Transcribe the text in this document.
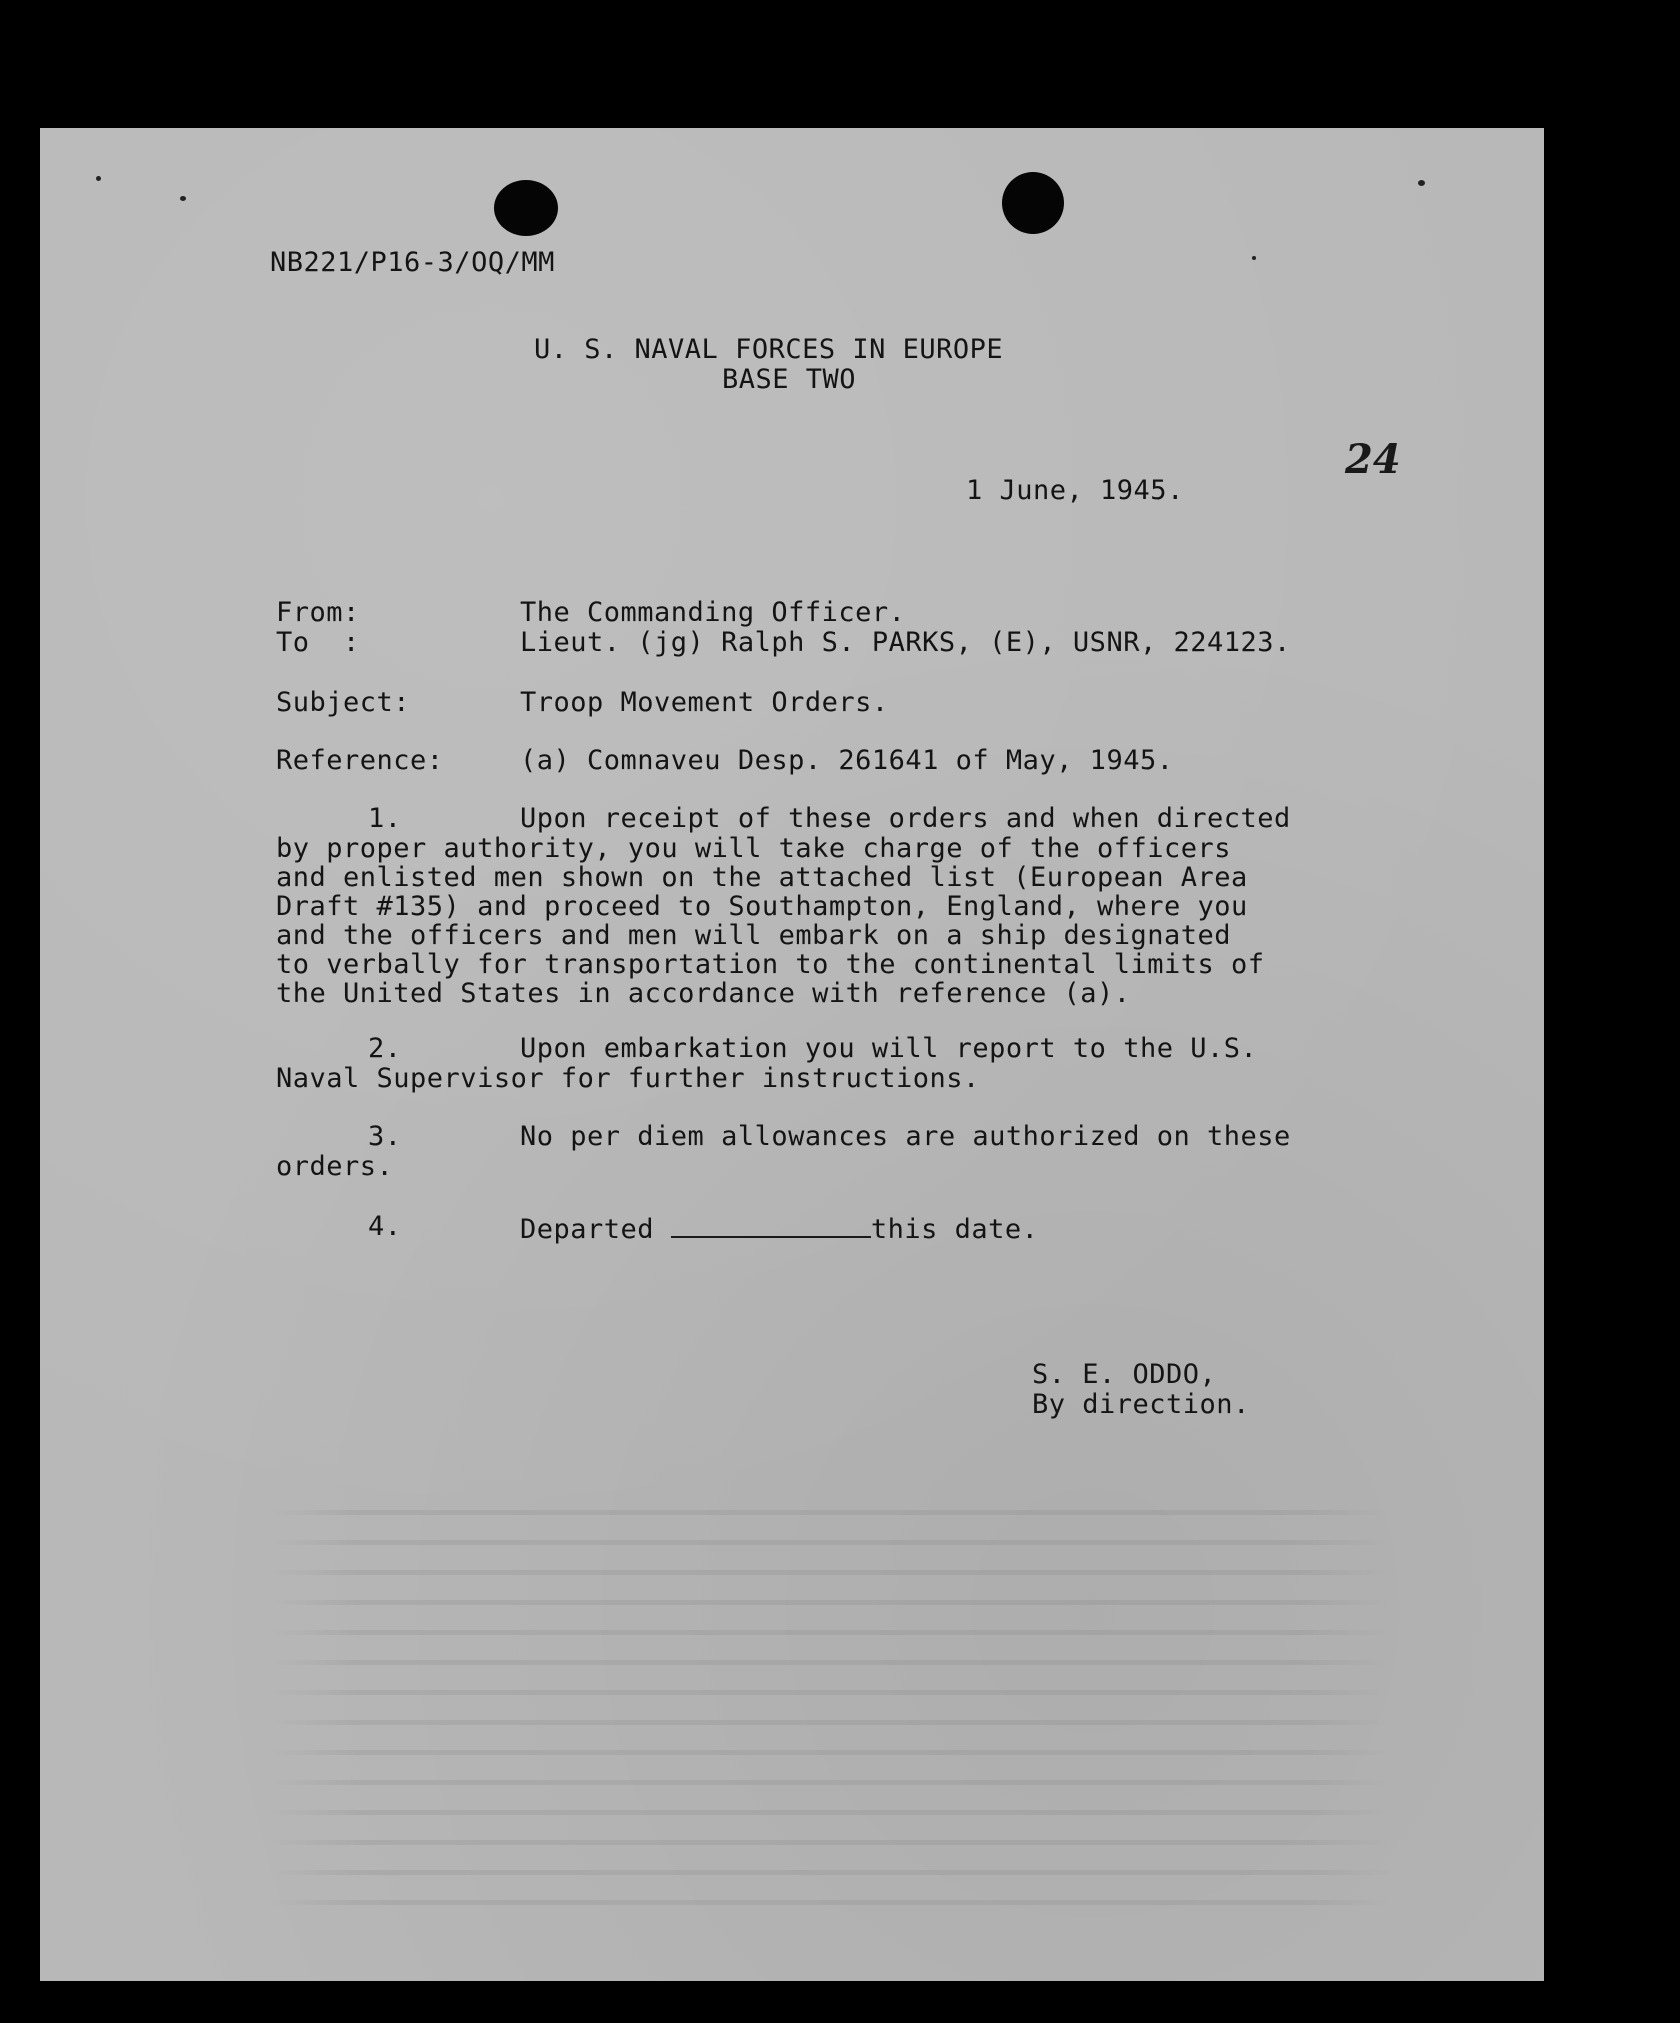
NB221/P16-3/OQ/MM
U. S. NAVAL FORCES IN EUROPE
BASE TWO
24
1 June, 1945.
From:	The Commanding Officer.
To  :	Lieut. (jg) Ralph S. PARKS, (E), USNR, 224123.
Subject:	Troop Movement Orders.
Reference:	(a) Comnaveu Desp. 261641 of May, 1945.
1.	Upon receipt of these orders and when directed
by proper authority, you will take charge of the officers
and enlisted men shown on the attached list (European Area
Draft #135) and proceed to Southampton, England, where you
and the officers and men will embark on a ship designated
to verbally for transportation to the continental limits of
the United States in accordance with reference (a).
2.	Upon embarkation you will report to the U.S.
Naval Supervisor for further instructions.
3.	No per diem allowances are authorized on these
orders.
4.	Departed	this date.
S. E. ODDO,
By direction.
